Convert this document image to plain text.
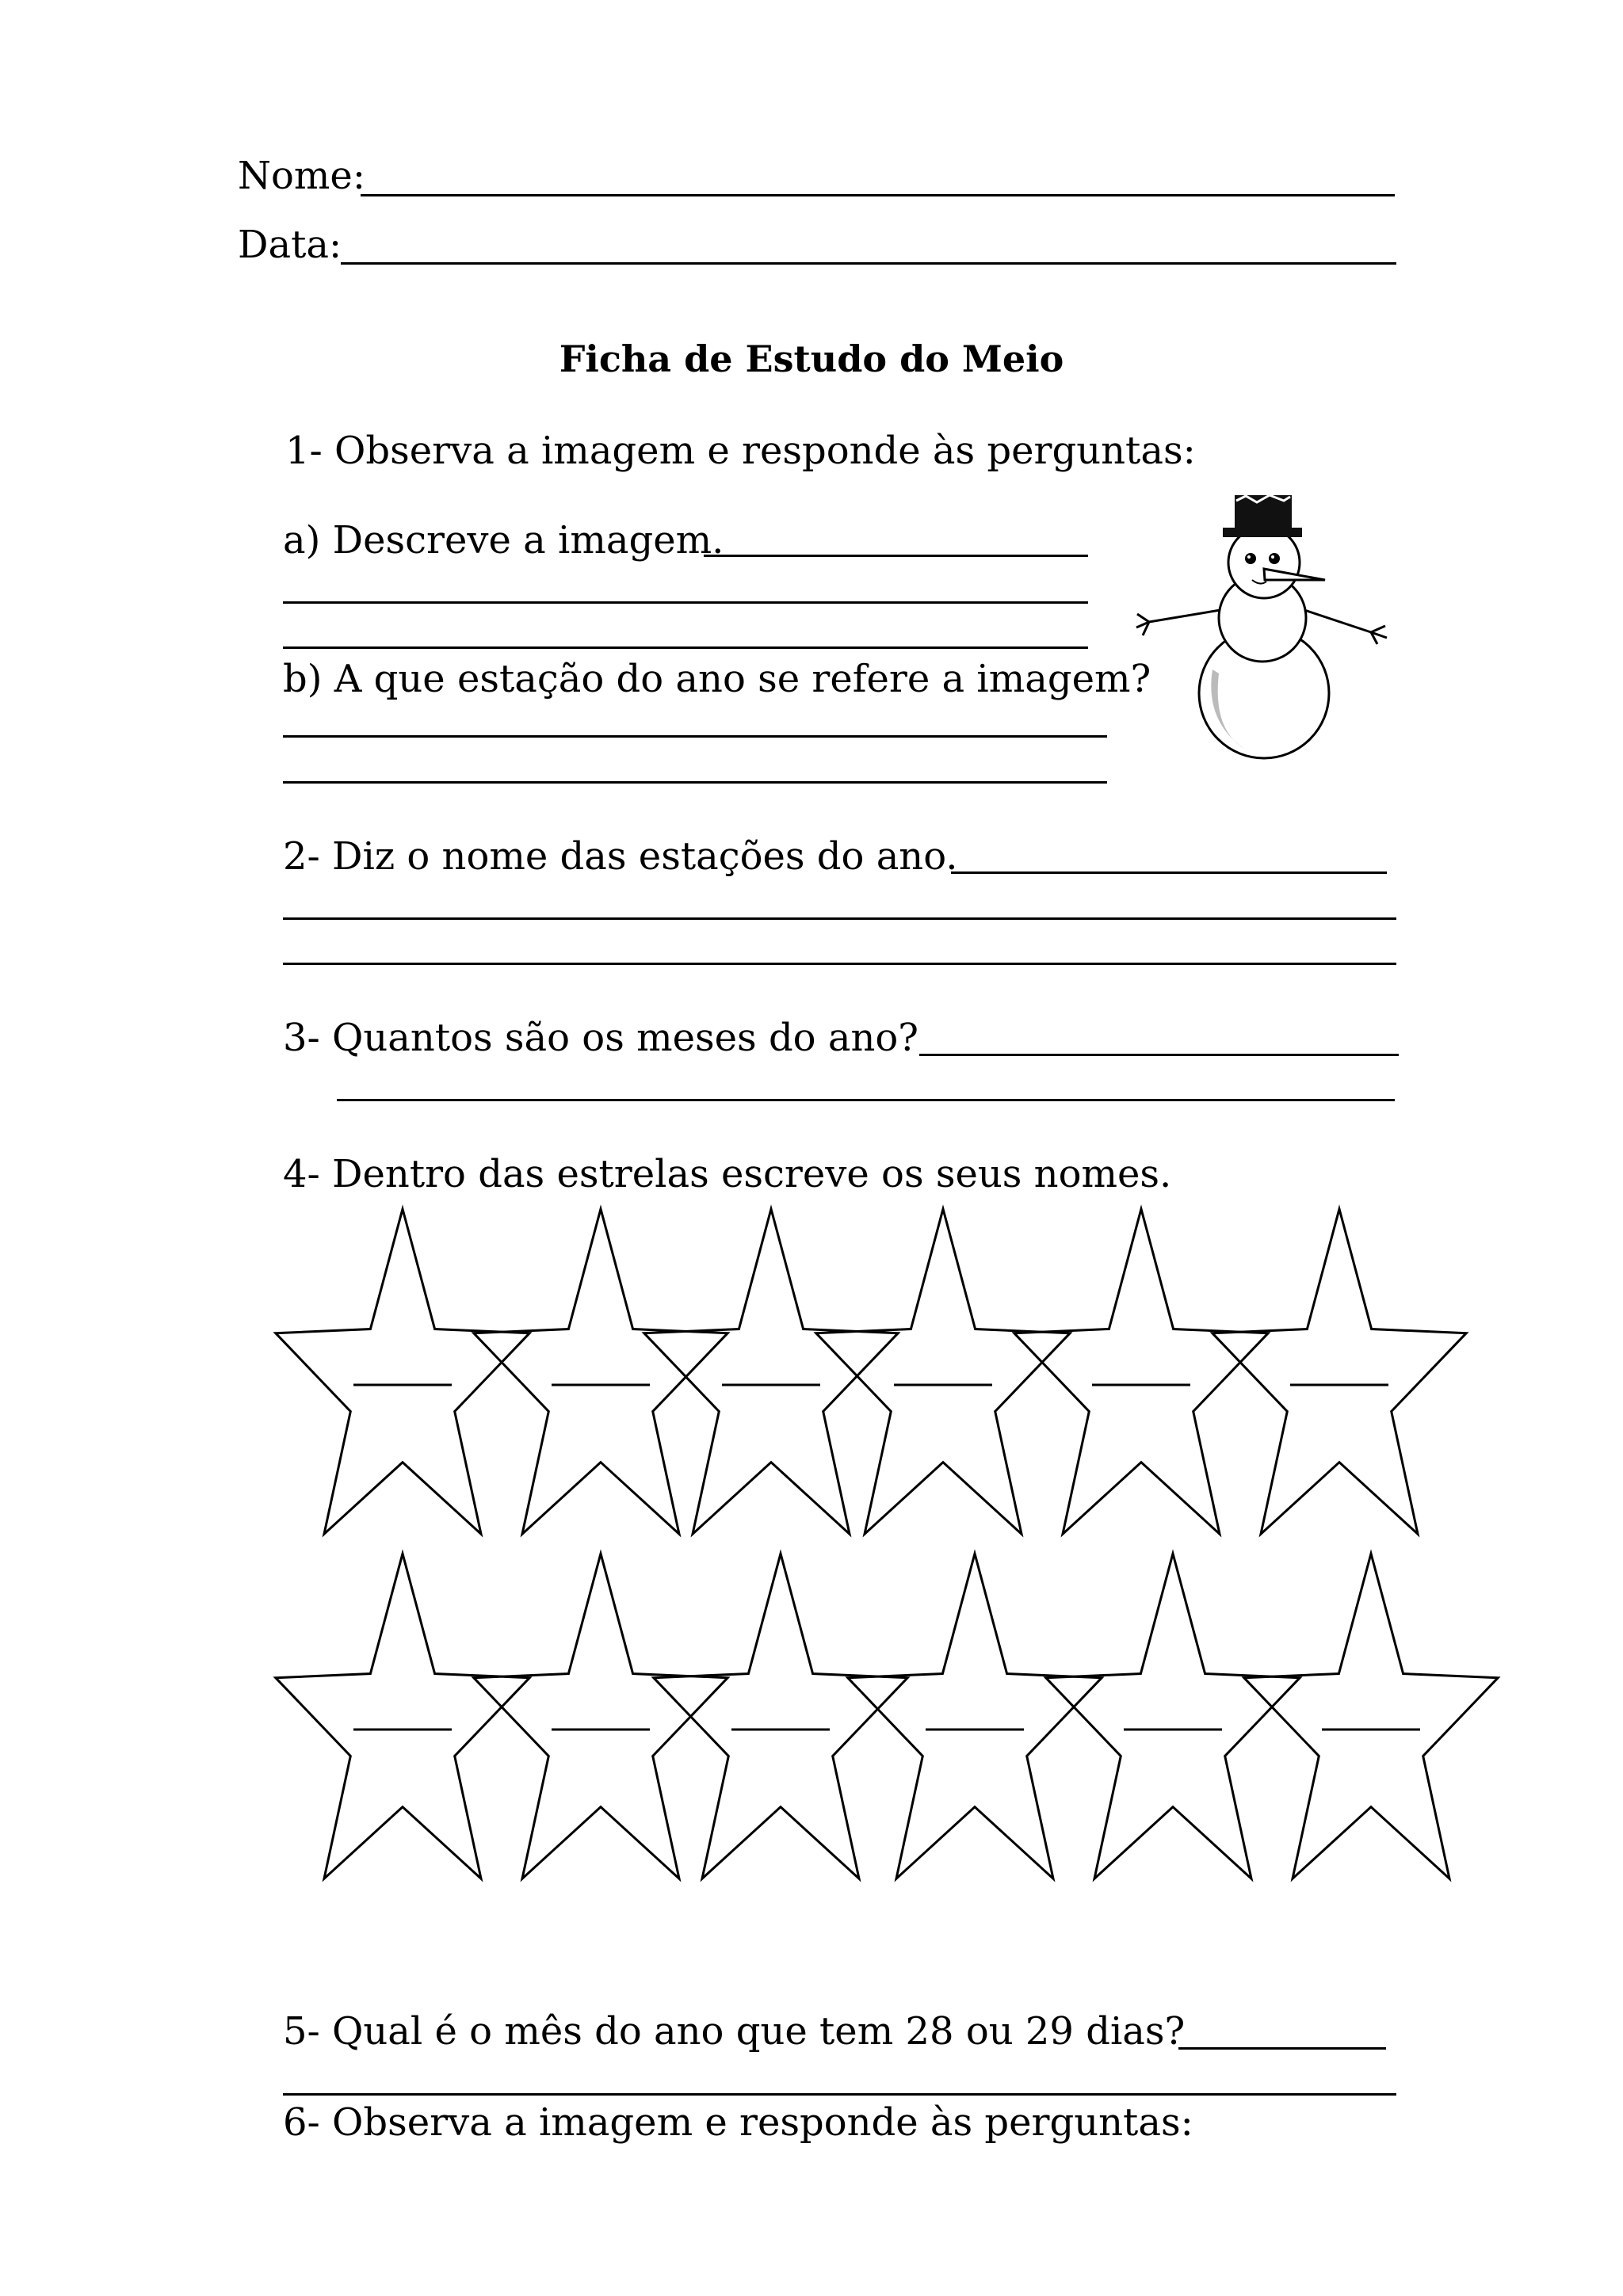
Nome:
Data:
Ficha de Estudo do Meio
1- Observa a imagem e responde às perguntas:
a) Descreve a imagem.
b) A que estação do ano se refere a imagem?
2- Diz o nome das estações do ano.
3- Quantos são os meses do ano?
4- Dentro das estrelas escreve os seus nomes.
5- Qual é o mês do ano que tem 28 ou 29 dias?
6- Observa a imagem e responde às perguntas:
